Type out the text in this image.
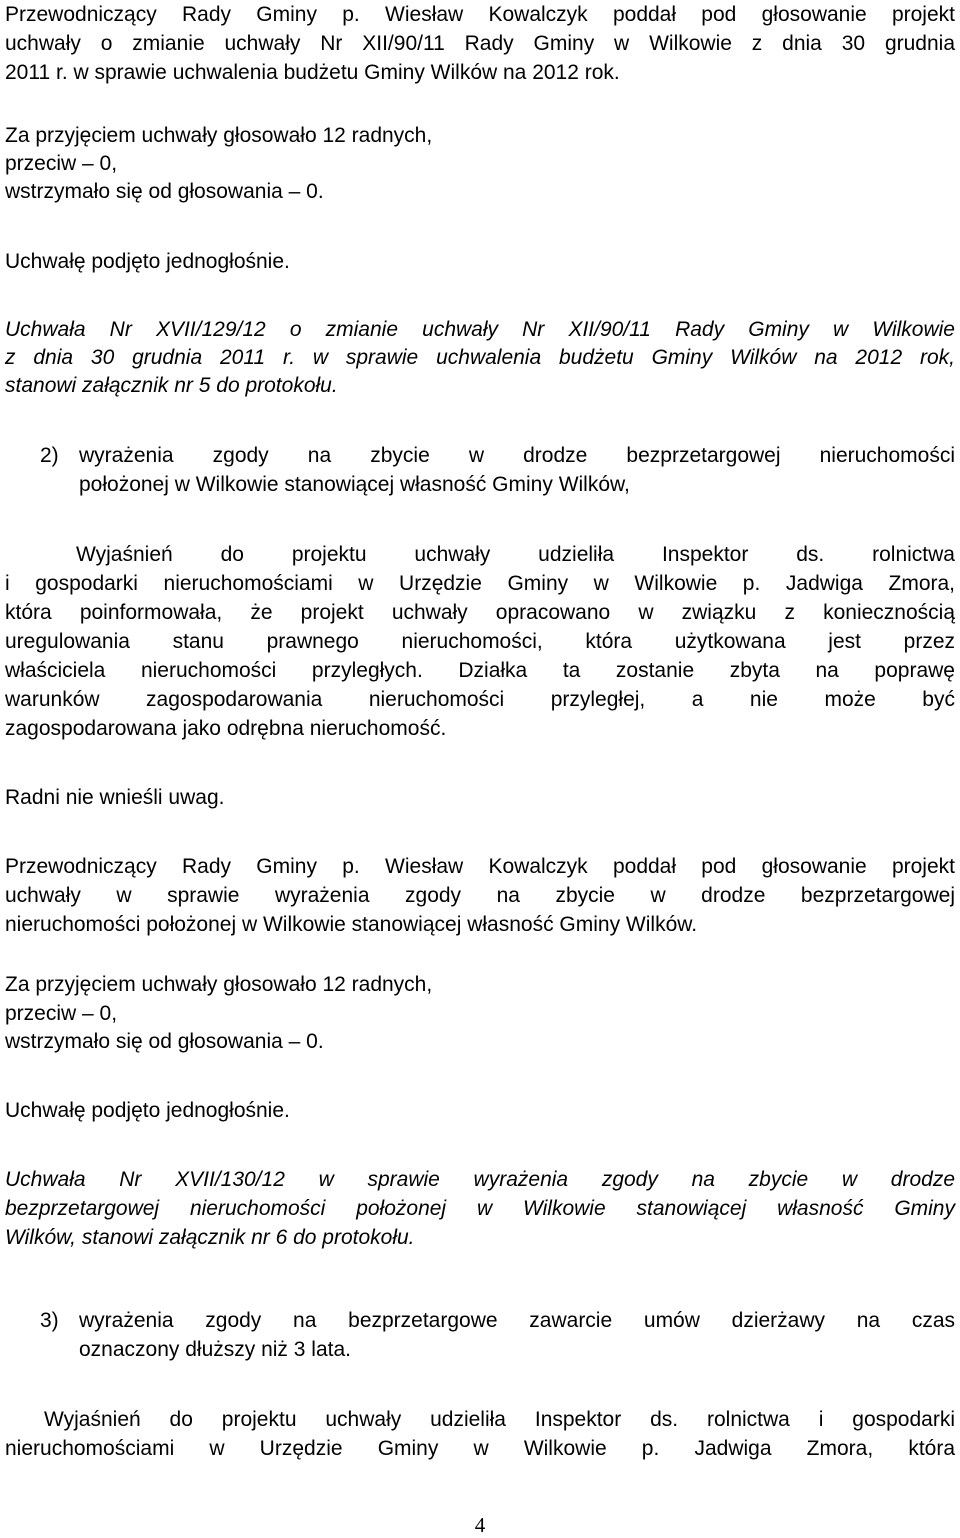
Przewodniczący Rady Gminy p. Wiesław Kowalczyk poddał pod głosowanie projekt

uchwały o zmianie uchwały Nr XII/90/11 Rady Gminy w Wilkowie z dnia 30 grudnia

2011 r. w sprawie uchwalenia budżetu Gminy Wilków na 2012 rok.

Za przyjęciem uchwały głosowało 12 radnych,

przeciw – 0,

wstrzymało się od głosowania – 0.

Uchwałę podjęto jednogłośnie.

Uchwała Nr XVII/129/12 o zmianie uchwały Nr XII/90/11 Rady Gminy w Wilkowie

z dnia 30 grudnia 2011 r. w sprawie uchwalenia budżetu Gminy Wilków na 2012 rok,

stanowi załącznik nr 5 do protokołu.

2) wyrażenia zgody na zbycie w drodze bezprzetargowej nieruchomości

położonej w Wilkowie stanowiącej własność Gminy Wilków,

Wyjaśnień do projektu uchwały udzieliła Inspektor ds. rolnictwa

i gospodarki nieruchomościami w Urzędzie Gminy w Wilkowie p. Jadwiga Zmora,

która poinformowała, że projekt uchwały opracowano w związku z koniecznością

uregulowania stanu prawnego nieruchomości, która użytkowana jest przez

właściciela nieruchomości przyległych. Działka ta zostanie zbyta na poprawę

warunków zagospodarowania nieruchomości przyległej, a nie może być

zagospodarowana jako odrębna nieruchomość.

Radni nie wnieśli uwag.

Przewodniczący Rady Gminy p. Wiesław Kowalczyk poddał pod głosowanie projekt

uchwały w sprawie wyrażenia zgody na zbycie w drodze bezprzetargowej

nieruchomości położonej w Wilkowie stanowiącej własność Gminy Wilków.

Za przyjęciem uchwały głosowało 12 radnych,

przeciw – 0,

wstrzymało się od głosowania – 0.

Uchwałę podjęto jednogłośnie.

Uchwała Nr XVII/130/12 w sprawie wyrażenia zgody na zbycie w drodze

bezprzetargowej nieruchomości położonej w Wilkowie stanowiącej własność Gminy

Wilków, stanowi załącznik nr 6 do protokołu.

3) wyrażenia zgody na bezprzetargowe zawarcie umów dzierżawy na czas

oznaczony dłuższy niż 3 lata.

Wyjaśnień do projektu uchwały udzieliła Inspektor ds. rolnictwa i gospodarki

nieruchomościami w Urzędzie Gminy w Wilkowie p. Jadwiga Zmora, która

4
